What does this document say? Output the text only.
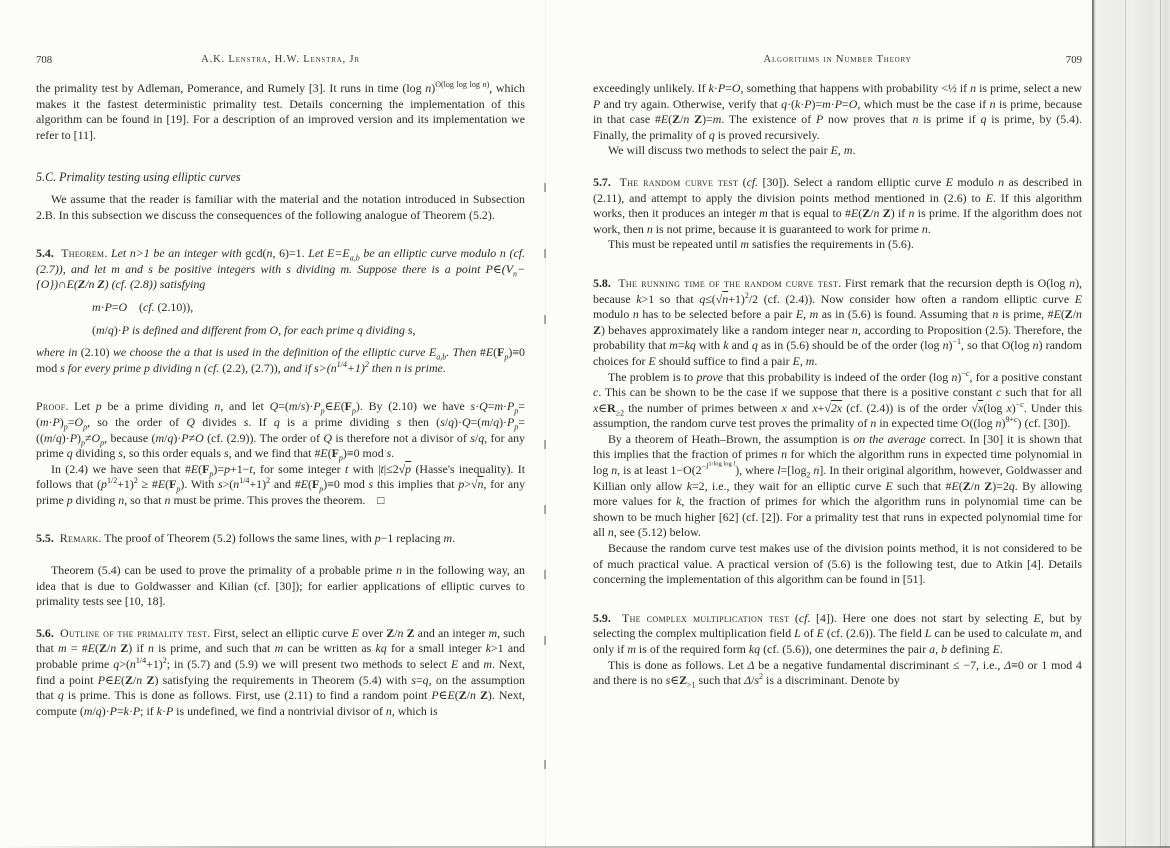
708	A.K. Lenstra, H.W. Lenstra, Jr
the primality test by Adleman, Pomerance, and Rumely [3]. It runs in time (log n)$^{O(log log log n)}$, which makes it the fastest deterministic primality test. Details concerning the implementation of this algorithm can be found in [19]. For a description of an improved version and its implementation we refer to [11].
5.C. Primality testing using elliptic curves
We assume that the reader is familiar with the material and the notation introduced in Subsection 2.B. In this subsection we discuss the consequences of the following analogue of Theorem (5.2).
5.4. Theorem. Let n>1 be an integer with gcd(n, 6)=1. Let $E=E_{a,b}$ be an elliptic curve modulo n (cf. (2.7)), and let m and s be positive integers with s dividing m. Suppose there is a point $P\in(V_n-\{O\})\cap E(Z/n$ Z) (cf. (2.8)) satisfying
m·P=O (cf. (2.10)),
(m/q)·P is defined and different from O, for each prime q dividing s,
where in (2.10) we choose the a that is used in the definition of the elliptic curve $E_{a,b}$. Then $\#E(F_p)\equiv 0$ mod s for every prime p dividing n (cf. (2.2), (2.7)), and if $s>(n^{1/4}+1)^2$ then n is prime.
Proof. Let p be a prime dividing n, and let $Q=(m/s)\cdot P_p\in E(F_p)$. By (2.10) we have $s\cdot Q=m\cdot P_p=(m\cdot P)_p=O_p$, so the order of Q divides s. If q is a prime dividing s then $(s/q)\cdot Q=(m/q)\cdot P_p=((m/q)\cdot P)_p\ne O_p$, because (m/q)·P≠O (cf. (2.9)). The order of Q is therefore not a divisor of s/q, for any prime q dividing s, so this order equals s, and we find that $\#E(F_p)\equiv 0$ mod s.
In (2.4) we have seen that $\#E(F_p)=p+1-t$, for some integer t with |t|≤2√p (Hasse's inequality). It follows that $(p^{1/2}+1)^2$ ≥ $\#E(F_p)$. With $s>(n^{1/4}+1)^2$ and $\#E(F_p)\equiv 0$ mod s this implies that p>√n, for any prime p dividing n, so that n must be prime. This proves the theorem. □
5.5. Remark. The proof of Theorem (5.2) follows the same lines, with p−1 replacing m.
Theorem (5.4) can be used to prove the primality of a probable prime n in the following way, an idea that is due to Goldwasser and Kilian (cf. [30]); for earlier applications of elliptic curves to primality tests see [10, 18].
5.6. Outline of the primality test. First, select an elliptic curve E over Z/n Z and an integer m, such that m = #E(Z/n Z) if n is prime, and such that m can be written as kq for a small integer k>1 and probable prime $q>(n^{1/4}+1)^2$; in (5.7) and (5.9) we will present two methods to select E and m. Next, find a point P∈E(Z/n Z) satisfying the requirements in Theorem (5.4) with s=q, on the assumption that q is prime. This is done as follows. First, use (2.11) to find a random point P∈E(Z/n Z). Next, compute (m/q)·P=k·P; if k·P is undefined, we find a nontrivial divisor of n, which is
Algorithms in Number Theory	709
exceedingly unlikely. If k·P=O, something that happens with probability <½ if n is prime, select a new P and try again. Otherwise, verify that q·(k·P)=m·P=O, which must be the case if n is prime, because in that case #E(Z/n Z)=m. The existence of P now proves that n is prime if q is prime, by (5.4). Finally, the primality of q is proved recursively.
We will discuss two methods to select the pair E, m.
5.7. The random curve test (cf. [30]). Select a random elliptic curve E modulo n as described in (2.11), and attempt to apply the division points method mentioned in (2.6) to E. If this algorithm works, then it produces an integer m that is equal to #E(Z/n Z) if n is prime. If the algorithm does not work, then n is not prime, because it is guaranteed to work for prime n.
This must be repeated until m satisfies the requirements in (5.6).
5.8. The running time of the random curve test. First remark that the recursion depth is O(log n), because k>1 so that $q\le(√n+1)^2/2$ (cf. (2.4)). Now consider how often a random elliptic curve E modulo n has to be selected before a pair E, m as in (5.6) is found. Assuming that n is prime, #E(Z/n Z) behaves approximately like a random integer near n, according to Proposition (2.5). Therefore, the probability that m=kq with k and q as in (5.6) should be of the order (log n)$^{-1}$, so that O(log n) random choices for E should suffice to find a pair E, m.
The problem is to prove that this probability is indeed of the order (log n)$^{-c}$, for a positive constant c. This can be shown to be the case if we suppose that there is a positive constant c such that for all $x\in R_{\ge 2}$ the number of primes between x and x+√2x (cf. (2.4)) is of the order √x(log x)$^{-c}$. Under this assumption, the random curve test proves the primality of n in expected time O((log n)$^{9+c}$) (cf. [30]).
By a theorem of Heath–Brown, the assumption is on the average correct. In [30] it is shown that this implies that the fraction of primes n for which the algorithm runs in expected time polynomial in log n, is at least $1-O(2^{-l^{1/log log l}})$, where $l=[\log_2$ n]. In their original algorithm, however, Goldwasser and Killian only allow k=2, i.e., they wait for an elliptic curve E such that #E(Z/n Z)=2q. By allowing more values for k, the fraction of primes for which the algorithm runs in polynomial time can be shown to be much higher [62] (cf. [2]). For a primality test that runs in expected polynomial time for all n, see (5.12) below.
Because the random curve test makes use of the division points method, it is not considered to be of much practical value. A practical version of (5.6) is the following test, due to Atkin [4]. Details concerning the implementation of this algorithm can be found in [51].
5.9. The complex multiplication test (cf. [4]). Here one does not start by selecting E, but by selecting the complex multiplication field L of E (cf. (2.6)). The field L can be used to calculate m, and only if m is of the required form kq (cf. (5.6)), one determines the pair a, b defining E.
This is done as follows. Let Δ be a negative fundamental discriminant ≤ −7, i.e., Δ≡0 or 1 mod 4 and there is no $s\in Z_{>1}$ such that $\Delta/s^2$ is a discriminant. Denote by
